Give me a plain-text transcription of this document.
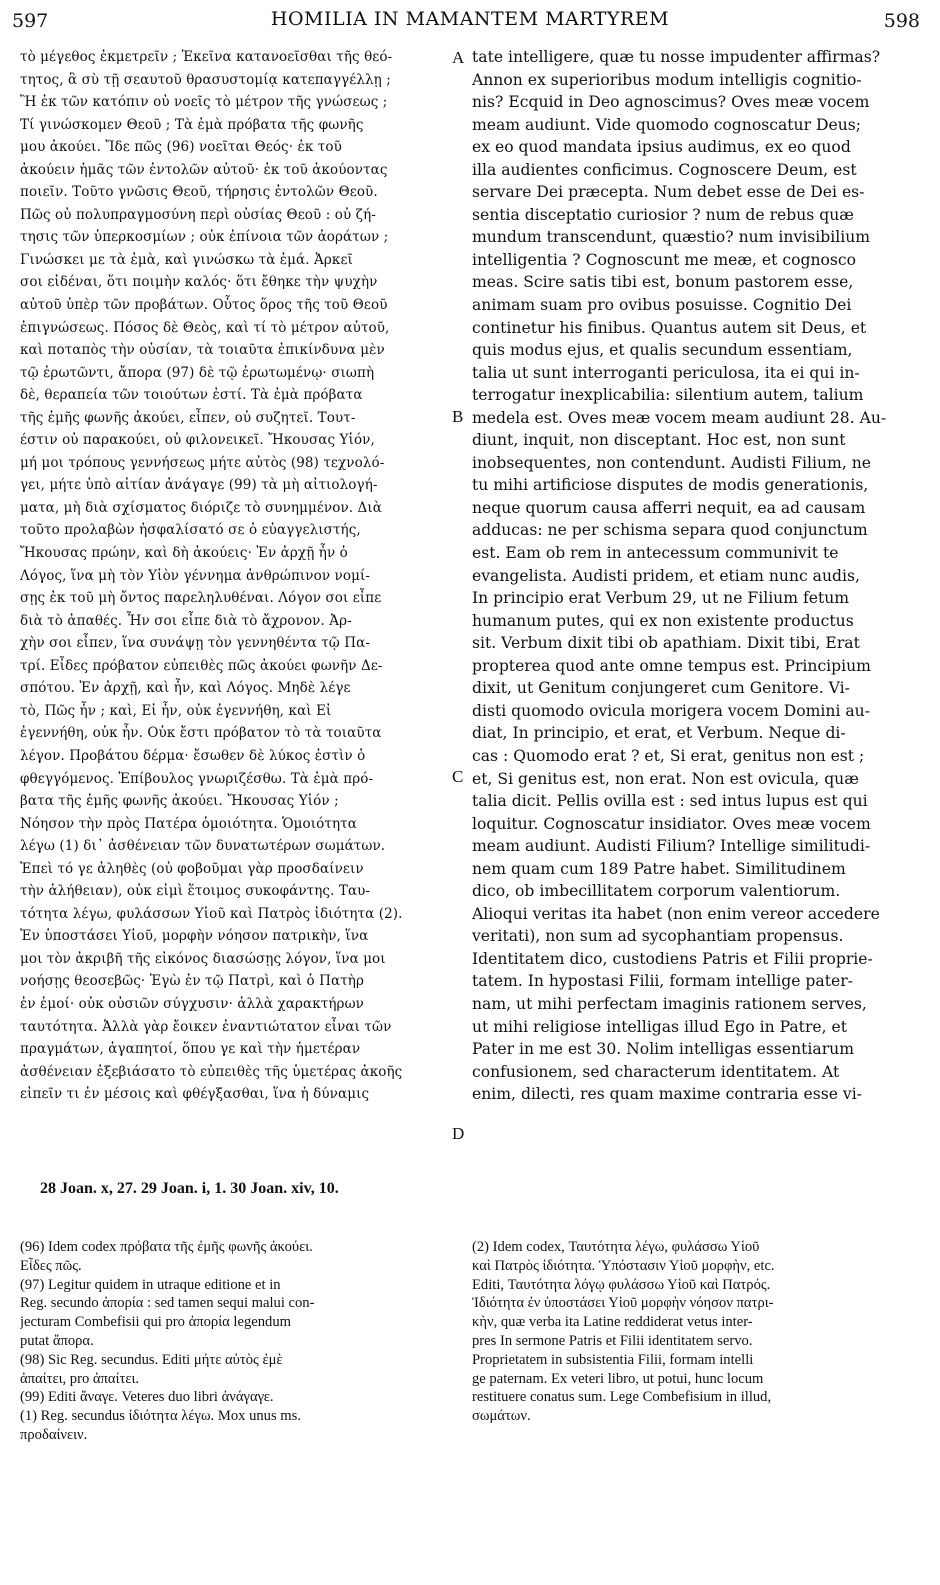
597	HOMILIA IN MAMANTEM MARTYREM	598
τὸ μέγεθος ἐκμετρεῖν ; Ἐκεῖνα κατανοεῖσθαι τῆς θεό-
τητος, ἃ σὺ τῇ σεαυτοῦ θρασυστομίᾳ κατεπαγγέλλῃ ;
Ἢ ἐκ τῶν κατόπιν οὐ νοεῖς τὸ μέτρον τῆς γνώσεως ;
Τί γινώσκομεν Θεοῦ ; Τὰ ἐμὰ πρόβατα τῆς φωνῆς
μου ἀκούει. Ἴδε πῶς (96) νοεῖται Θεός· ἐκ τοῦ
ἀκούειν ἡμᾶς τῶν ἐντολῶν αὐτοῦ· ἐκ τοῦ ἀκούοντας
ποιεῖν. Τοῦτο γνῶσις Θεοῦ, τήρησις ἐντολῶν Θεοῦ.
Πῶς οὐ πολυπραγμοσύνη περὶ οὐσίας Θεοῦ : οὐ ζή-
τησις τῶν ὑπερκοσμίων ; οὐκ ἐπίνοια τῶν ἀοράτων ;
Γινώσκει με τὰ ἐμὰ, καὶ γινώσκω τὰ ἐμά. Ἀρκεῖ
σοι εἰδέναι, ὅτι ποιμὴν καλός· ὅτι ἔθηκε τὴν ψυχὴν
αὐτοῦ ὑπὲρ τῶν προβάτων. Οὗτος ὅρος τῆς τοῦ Θεοῦ
ἐπιγνώσεως. Πόσος δὲ Θεὸς, καὶ τί τὸ μέτρον αὐτοῦ,
καὶ ποταπὸς τὴν οὐσίαν, τὰ τοιαῦτα ἐπικίνδυνα μὲν
τῷ ἐρωτῶντι, ἄπορα (97) δὲ τῷ ἐρωτωμένῳ· σιωπὴ
δὲ, θεραπεία τῶν τοιούτων ἐστί. Τὰ ἐμὰ πρόβατα
τῆς ἐμῆς φωνῆς ἀκούει, εἶπεν, οὐ συζητεῖ. Τουτ-
έστιν οὐ παρακούει, οὐ φιλονεικεῖ. Ἤκουσας Υἱόν,
μή μοι τρόπους γεννήσεως μήτε αὐτὸς (98) τεχνολό-
γει, μήτε ὑπὸ αἰτίαν ἀνάγαγε (99) τὰ μὴ αἰτιολογή-
ματα, μὴ διὰ σχίσματος διόριζε τὸ συνημμένον. Διὰ
τοῦτο προλαβὼν ἠσφαλίσατό σε ὁ εὐαγγελιστής,
Ἤκουσας πρώην, καὶ δὴ ἀκούεις· Ἐν ἀρχῇ ἦν ὁ
Λόγος, ἵνα μὴ τὸν Υἱὸν γέννημα ἀνθρώπινον νομί-
σῃς ἐκ τοῦ μὴ ὄντος παρεληλυθέναι. Λόγον σοι εἶπε
διὰ τὸ ἀπαθές. Ἦν σοι εἶπε διὰ τὸ ἄχρονον. Ἀρ-
χὴν σοι εἶπεν, ἵνα συνάψῃ τὸν γεννηθέντα τῷ Πα-
τρί. Εἶδες πρόβατον εὐπειθὲς πῶς ἀκούει φωνῆν Δε-
σπότου. Ἐν ἀρχῇ, καὶ ἦν, καὶ Λόγος. Μηδὲ λέγε
τὸ, Πῶς ἦν ; καὶ, Εἰ ἦν, οὐκ ἐγεννήθη, καὶ Εἰ
ἐγεννήθη, οὐκ ἦν. Οὐκ ἔστι πρόβατον τὸ τὰ τοιαῦτα
λέγον. Προβάτου δέρμα· ἔσωθεν δὲ λύκος ἐστὶν ὁ
φθεγγόμενος. Ἐπίβουλος γνωριζέσθω. Τὰ ἐμὰ πρό-
βατα τῆς ἐμῆς φωνῆς ἀκούει. Ἤκουσας Υἱόν ;
Νόησον τὴν πρὸς Πατέρα ὁμοιότητα. Ὁμοιότητα
λέγω (1) δι᾽ ἀσθένειαν τῶν δυνατωτέρων σωμάτων.
Ἐπεὶ τό γε ἀληθὲς (οὐ φοβοῦμαι γὰρ προσδαίνειν
τὴν ἀλήθειαν), οὐκ εἰμὶ ἕτοιμος συκοφάντης. Ταυ-
τότητα λέγω, φυλάσσων Υἱοῦ καὶ Πατρὸς ἰδιότητα (2).
Ἐν ὑποστάσει Υἱοῦ, μορφὴν νόησον πατρικὴν, ἵνα
μοι τὸν ἀκριβῆ τῆς εἰκόνος διασώσῃς λόγον, ἵνα μοι
νοήσῃς θεοσεβῶς· Ἐγὼ ἐν τῷ Πατρὶ, καὶ ὁ Πατὴρ
ἐν ἐμοί· οὐκ οὐσιῶν σύγχυσιν· ἀλλὰ χαρακτήρων
ταυτότητα. Ἀλλὰ γὰρ ἔοικεν ἐναντιώτατον εἶναι τῶν
πραγμάτων, ἀγαπητοί, ὅπου γε καὶ τὴν ἡμετέραν
ἀσθένειαν ἐξεβιάσατο τὸ εὐπειθὲς τῆς ὑμετέρας ἀκοῆς
εἰπεῖν τι ἐν μέσοις καὶ φθέγξασθαι, ἵνα ἡ δύναμις
tate intelligere, quæ tu nosse impudenter affirmas?
Annon ex superioribus modum intelligis cognitio-
nis? Ecquid in Deo agnoscimus? Oves meæ vocem
meam audiunt. Vide quomodo cognoscatur Deus;
ex eo quod mandata ipsius audimus, ex eo quod
illa audientes conficimus. Cognoscere Deum, est
servare Dei præcepta. Num debet esse de Dei es-
sentia disceptatio curiosior ? num de rebus quæ
mundum transcendunt, quæstio? num invisibilium
intelligentia ? Cognoscunt me meæ, et cognosco
meas. Scire satis tibi est, bonum pastorem esse,
animam suam pro ovibus posuisse. Cognitio Dei
continetur his finibus. Quantus autem sit Deus, et
quis modus ejus, et qualis secundum essentiam,
talia ut sunt interroganti periculosa, ita ei qui in-
terrogatur inexplicabilia: silentium autem, talium
medela est. Oves meæ vocem meam audiunt 28. Au-
diunt, inquit, non disceptant. Hoc est, non sunt
inobsequentes, non contendunt. Audisti Filium, ne
tu mihi artificiose disputes de modis generationis,
neque quorum causa afferri nequit, ea ad causam
adducas: ne per schisma separa quod conjunctum
est. Eam ob rem in antecessum communivit te
evangelista. Audisti pridem, et etiam nunc audis,
In principio erat Verbum 29, ut ne Filium fetum
humanum putes, qui ex non existente productus
sit. Verbum dixit tibi ob apathiam. Dixit tibi, Erat
propterea quod ante omne tempus est. Principium
dixit, ut Genitum conjungeret cum Genitore. Vi-
disti quomodo ovicula morigera vocem Domini au-
diat, In principio, et erat, et Verbum. Neque di-
cas : Quomodo erat ? et, Si erat, genitus non est ;
et, Si genitus est, non erat. Non est ovicula, quæ
talia dicit. Pellis ovilla est : sed intus lupus est qui
loquitur. Cognoscatur insidiator. Oves meæ vocem
meam audiunt. Audisti Filium? Intellige similitudi-
nem quam cum 189 Patre habet. Similitudinem
dico, ob imbecillitatem corporum valentiorum.
Alioqui veritas ita habet (non enim vereor accedere
veritati), non sum ad sycophantiam propensus.
Identitatem dico, custodiens Patris et Filii proprie-
tatem. In hypostasi Filii, formam intellige pater-
nam, ut mihi perfectam imaginis rationem serves,
ut mihi religiose intelligas illud Ego in Patre, et
Pater in me est 30. Nolim intelligas essentiarum
confusionem, sed characterum identitatem. At
enim, dilecti, res quam maxime contraria esse vi-
A
B
C
D
28 Joan. x, 27. 29 Joan. i, 1. 30 Joan. xiv, 10.
(96) Idem codex πρόβατα τῆς ἐμῆς φωνῆς ἀκούει.
Εἶδες πῶς.
(97) Legitur quidem in utraque editione et in
Reg. secundo ἀπορία : sed tamen sequi malui con-
jecturam Combefisii qui pro ἀπορία legendum
putat ἄπορα.
(98) Sic Reg. secundus. Editi μήτε αὐτὸς ἐμὲ
ἀπαίτει, pro ἀπαίτει.
(99) Editi ἄναγε. Veteres duo libri ἀνάγαγε.
(1) Reg. secundus ἰδιότητα λέγω. Mox unus ms.
προδαίνειν.
(2) Idem codex, Ταυτότητα λέγω, φυλάσσω Υἱοῦ
καὶ Πατρὸς ἰδιότητα. Ὑπόστασιν Υἱοῦ μορφὴν, etc.
Editi, Ταυτότητα λόγῳ φυλάσσω Υἱοῦ καὶ Πατρός.
Ἰδιότητα ἐν ὑποστάσει Υἱοῦ μορφὴν νόησον πατρι-
κὴν, quæ verba ita Latine reddiderat vetus inter-
pres In sermone Patris et Filii identitatem servo.
Proprietatem in subsistentia Filii, formam intelli
ge paternam. Ex veteri libro, ut potui, hunc locum
restituere conatus sum. Lege Combefisium in illud,
σωμάτων.
